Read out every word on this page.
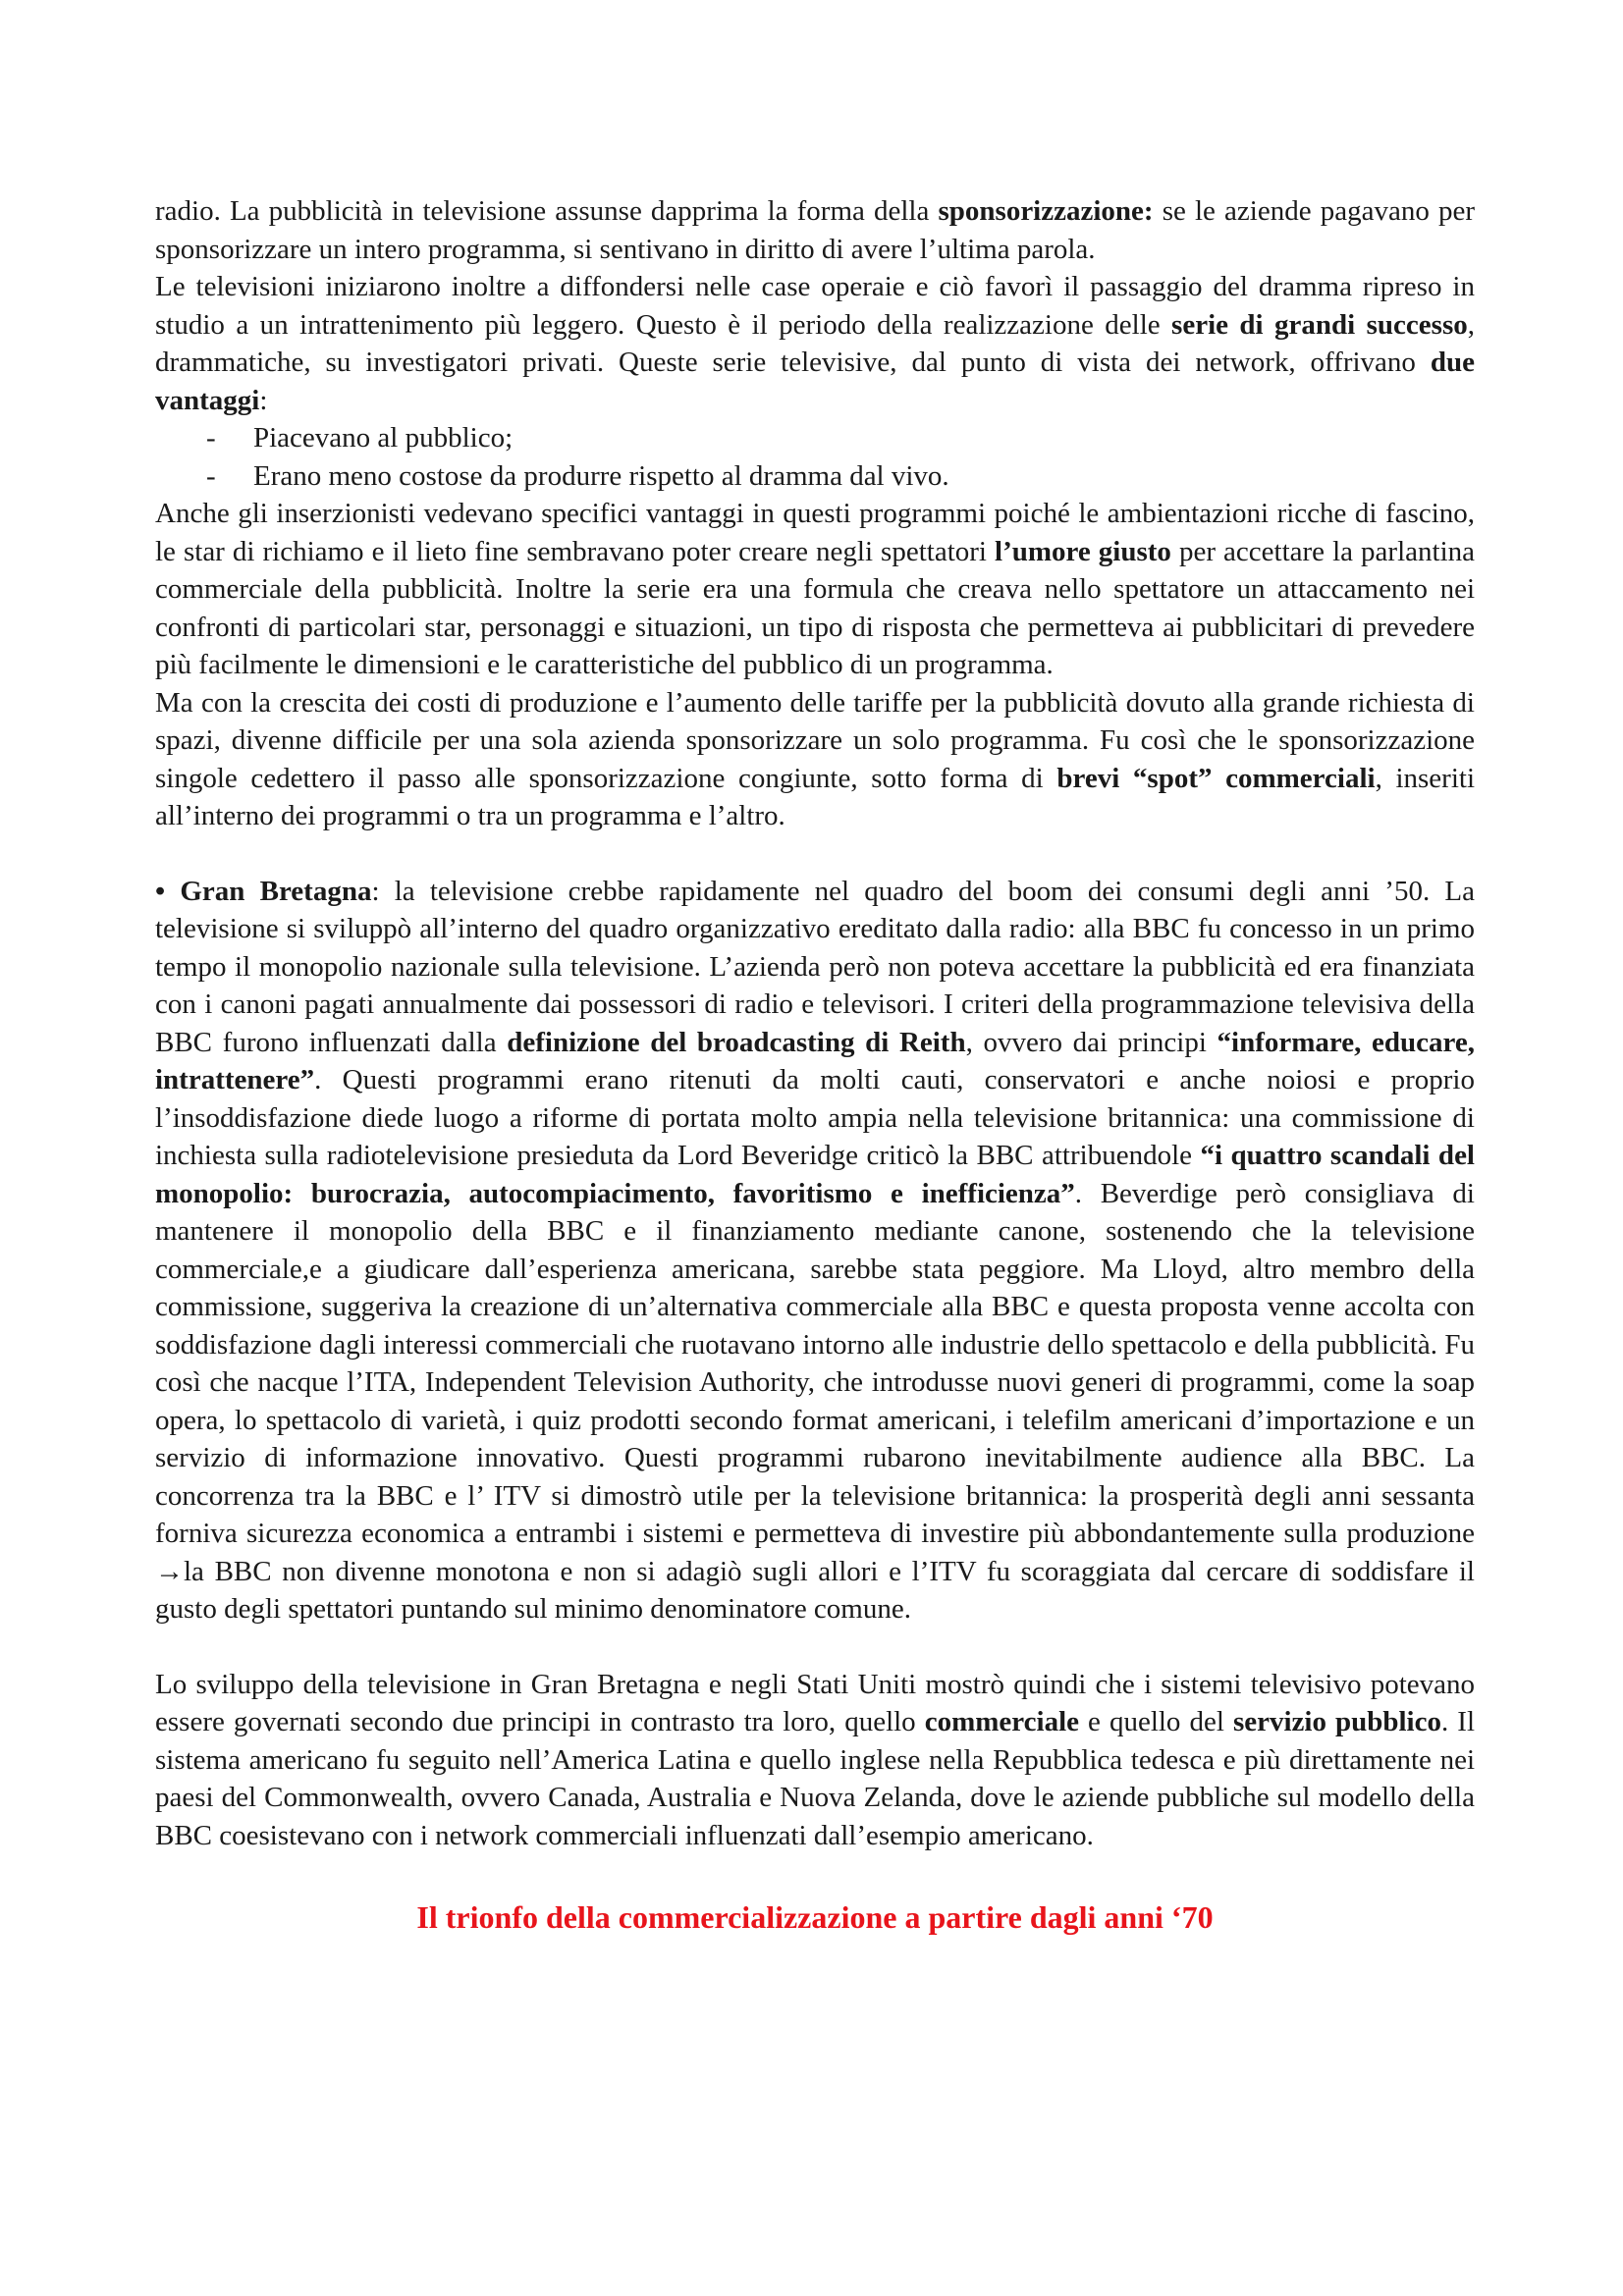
radio. La pubblicità in televisione assunse dapprima la forma della sponsorizzazione: se le aziende pagavano per sponsorizzare un intero programma, si sentivano in diritto di avere l’ultima parola.

Le televisioni iniziarono inoltre a diffondersi nelle case operaie e ciò favorì il passaggio del dramma ripreso in studio a un intrattenimento più leggero. Questo è il periodo della realizzazione delle serie di grandi successo, drammatiche, su investigatori privati. Queste serie televisive, dal punto di vista dei network, offrivano due vantaggi:

- Piacevano al pubblico;
- Erano meno costose da produrre rispetto al dramma dal vivo.

Anche gli inserzionisti vedevano specifici vantaggi in questi programmi poiché le ambientazioni ricche di fascino, le star di richiamo e il lieto fine sembravano poter creare negli spettatori l’umore giusto per accettare la parlantina commerciale della pubblicità. Inoltre la serie era una formula che creava nello spettatore un attaccamento nei confronti di particolari star, personaggi e situazioni, un tipo di risposta che permetteva ai pubblicitari di prevedere più facilmente le dimensioni e le caratteristiche del pubblico di un programma.

Ma con la crescita dei costi di produzione e l’aumento delle tariffe per la pubblicità dovuto alla grande richiesta di spazi, divenne difficile per una sola azienda sponsorizzare un solo programma. Fu così che le sponsorizzazione singole cedettero il passo alle sponsorizzazione congiunte, sotto forma di brevi “spot” commerciali, inseriti all’interno dei programmi o tra un programma e l’altro.

• Gran Bretagna: la televisione crebbe rapidamente nel quadro del boom dei consumi degli anni ’50. La televisione si sviluppò all’interno del quadro organizzativo ereditato dalla radio: alla BBC fu concesso in un primo tempo il monopolio nazionale sulla televisione. L’azienda però non poteva accettare la pubblicità ed era finanziata con i canoni pagati annualmente dai possessori di radio e televisori. I criteri della programmazione televisiva della BBC furono influenzati dalla definizione del broadcasting di Reith, ovvero dai principi “informare, educare, intrattenere”. Questi programmi erano ritenuti da molti cauti, conservatori e anche noiosi e proprio l’insoddisfazione diede luogo a riforme di portata molto ampia nella televisione britannica: una commissione di inchiesta sulla radiotelevisione presieduta da Lord Beveridge criticò la BBC attribuendole “i quattro scandali del monopolio: burocrazia, autocompiacimento, favoritismo e inefficienza”. Beverdige però consigliava di mantenere il monopolio della BBC e il finanziamento mediante canone, sostenendo che la televisione commerciale,e a giudicare dall’esperienza americana, sarebbe stata peggiore. Ma Lloyd, altro membro della commissione, suggeriva la creazione di un’alternativa commerciale alla BBC e questa proposta venne accolta con soddisfazione dagli interessi commerciali che ruotavano intorno alle industrie dello spettacolo e della pubblicità. Fu così che nacque l’ITA, Independent Television Authority, che introdusse nuovi generi di programmi, come la soap opera, lo spettacolo di varietà, i quiz prodotti secondo format americani, i telefilm americani d’importazione e un servizio di informazione innovativo. Questi programmi rubarono inevitabilmente audience alla BBC. La concorrenza tra la BBC e l’ ITV si dimostrò utile per la televisione britannica: la prosperità degli anni sessanta forniva sicurezza economica a entrambi i sistemi e permetteva di investire più abbondantemente sulla produzione →la BBC non divenne monotona e non si adagiò sugli allori e l’ITV fu scoraggiata dal cercare di soddisfare il gusto degli spettatori puntando sul minimo denominatore comune.

Lo sviluppo della televisione in Gran Bretagna e negli Stati Uniti mostrò quindi che i sistemi televisivo potevano essere governati secondo due principi in contrasto tra loro, quello commerciale e quello del servizio pubblico. Il sistema americano fu seguito nell’America Latina e quello inglese nella Repubblica tedesca e più direttamente nei paesi del Commonwealth, ovvero Canada, Australia e Nuova Zelanda, dove le aziende pubbliche sul modello della BBC coesistevano con i network commerciali influenzati dall’esempio americano.

Il trionfo della commercializzazione a partire dagli anni ‘70
